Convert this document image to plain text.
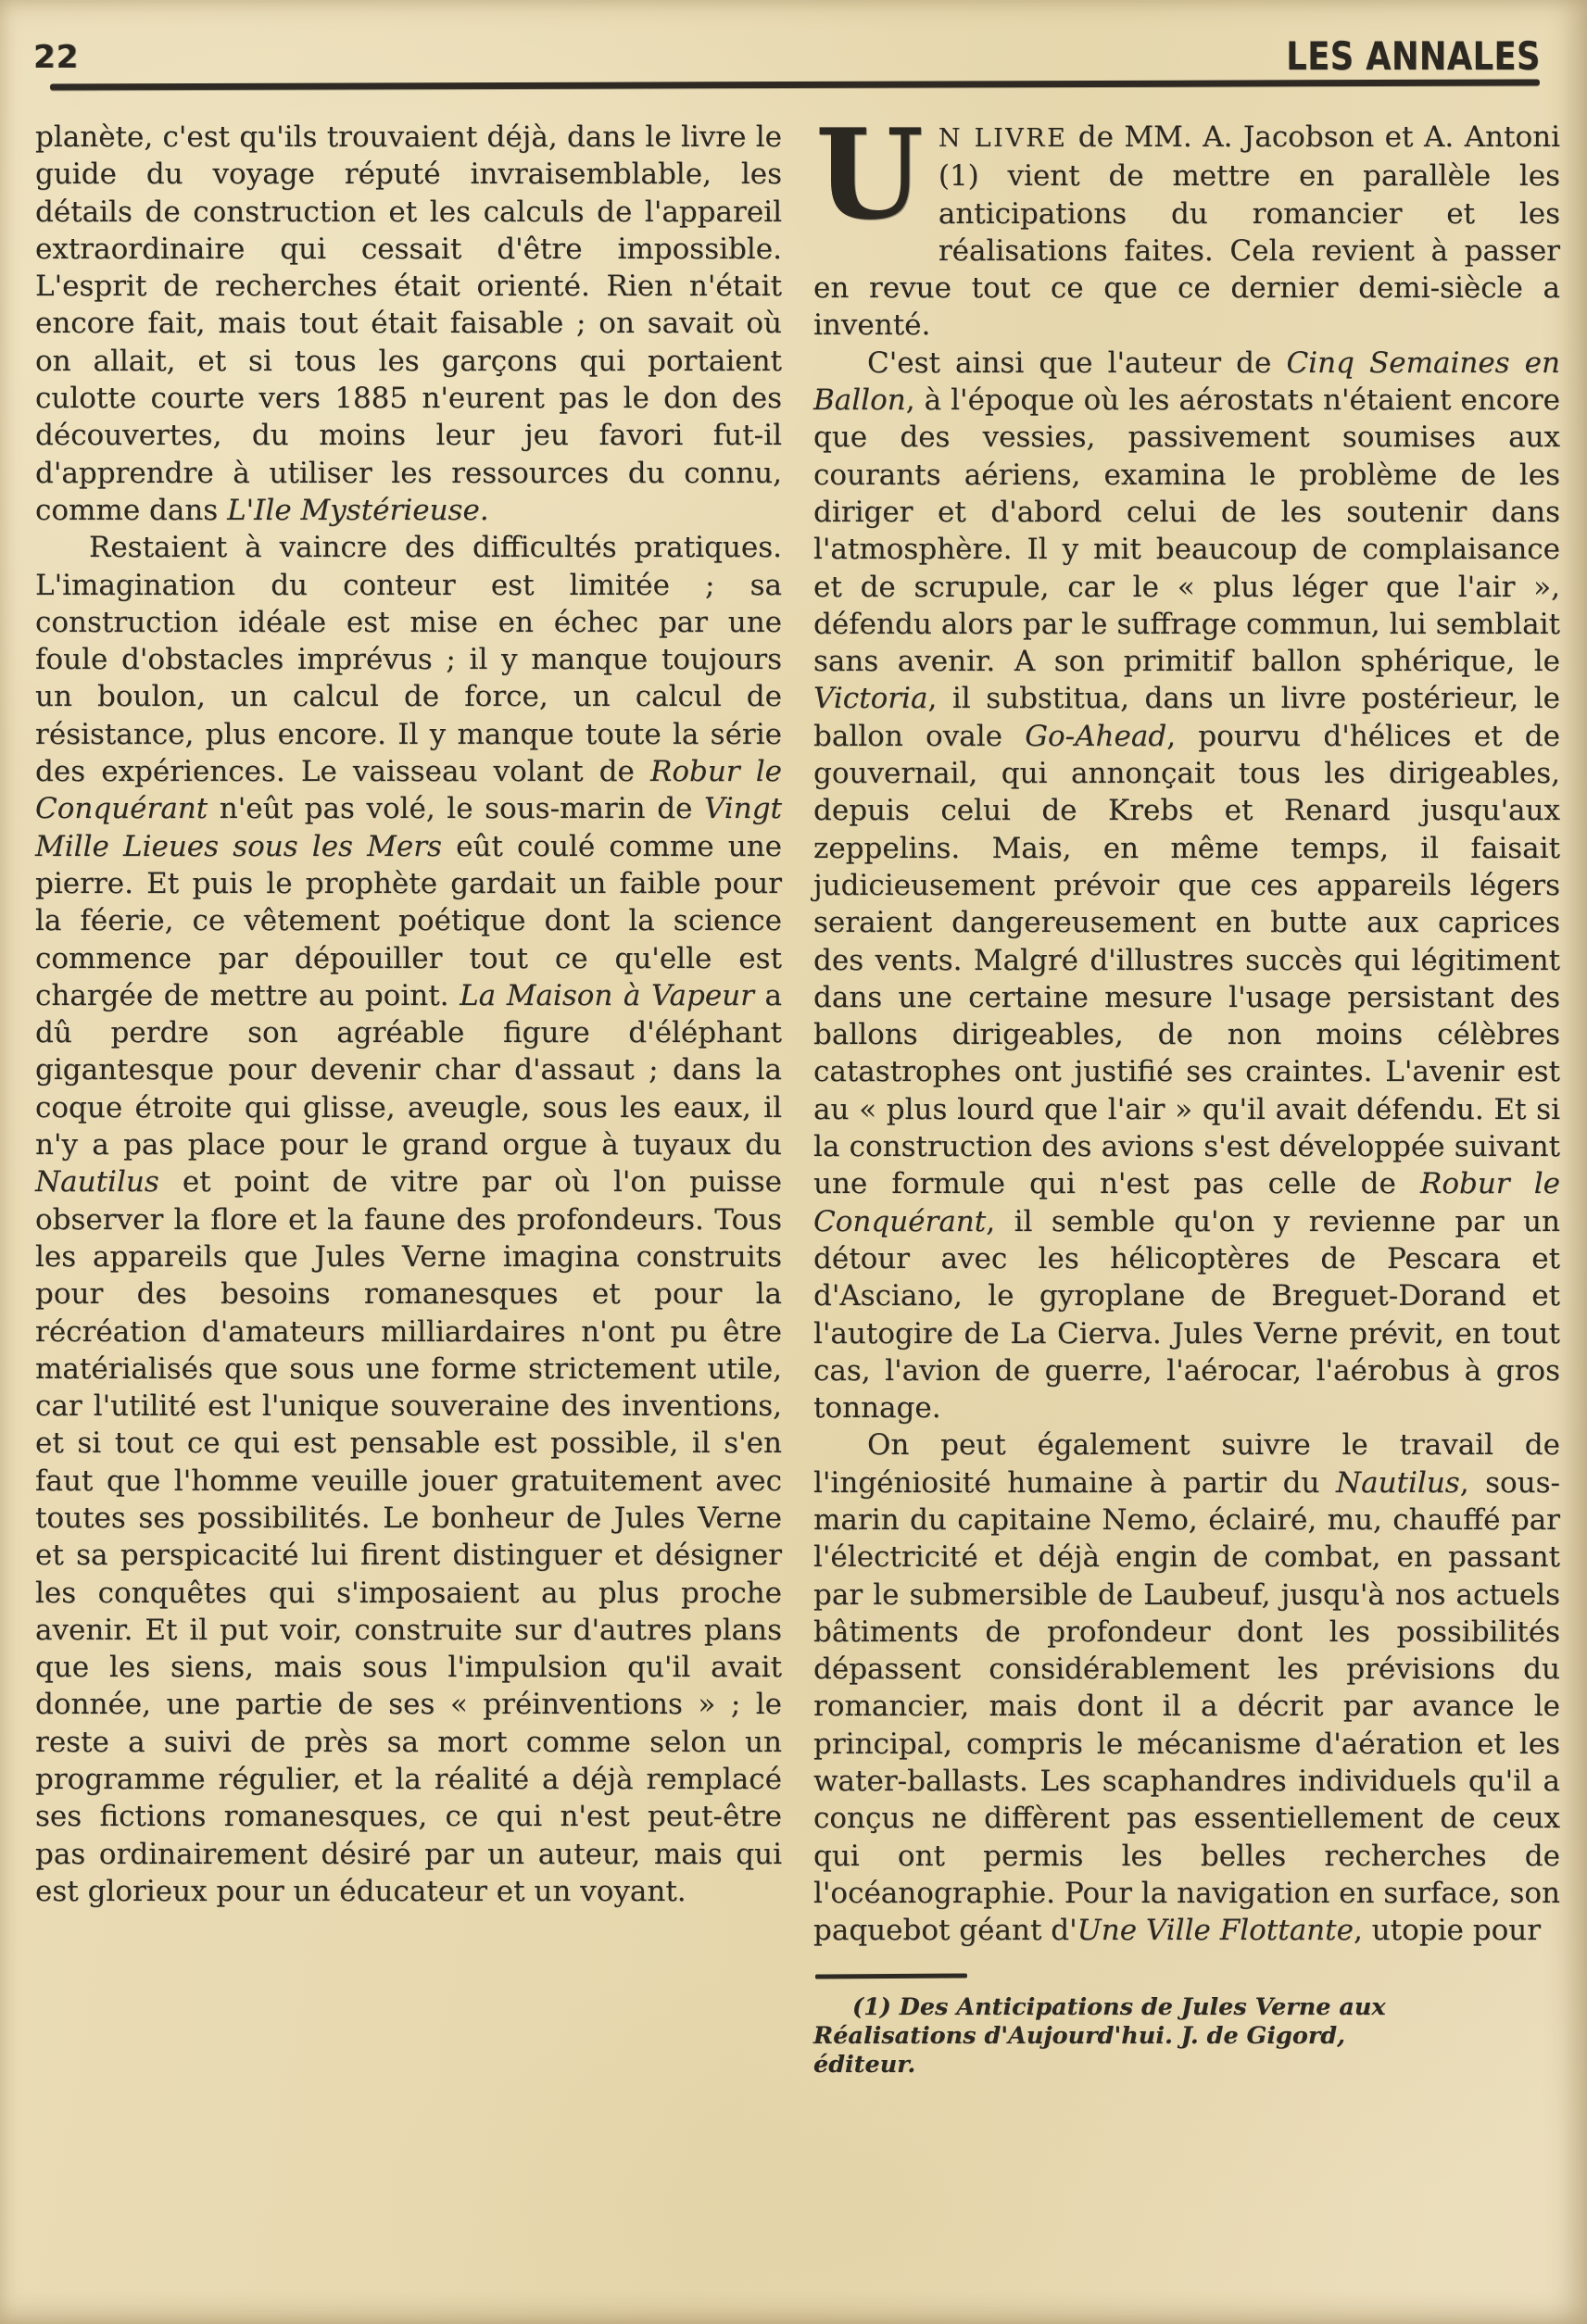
22	LES ANNALES

planète, c'est qu'ils trouvaient déjà, dans le livre le guide du voyage réputé invraisemblable, les détails de construction et les calculs de l'appareil extraordinaire qui cessait d'être impossible. L'esprit de recherches était orienté. Rien n'était encore fait, mais tout était faisable ; on savait où on allait, et si tous les garçons qui portaient culotte courte vers 1885 n'eurent pas le don des découvertes, du moins leur jeu favori fut-il d'apprendre à utiliser les ressources du connu, comme dans L'Ile Mystérieuse.

Restaient à vaincre des difficultés pratiques. L'imagination du conteur est limitée ; sa construction idéale est mise en échec par une foule d'obstacles imprévus ; il y manque toujours un boulon, un calcul de force, un calcul de résistance, plus encore. Il y manque toute la série des expériences. Le vaisseau volant de Robur le Conquérant n'eût pas volé, le sous-marin de Vingt Mille Lieues sous les Mers eût coulé comme une pierre. Et puis le prophète gardait un faible pour la féerie, ce vêtement poétique dont la science commence par dépouiller tout ce qu'elle est chargée de mettre au point. La Maison à Vapeur a dû perdre son agréable figure d'éléphant gigantesque pour devenir char d'assaut ; dans la coque étroite qui glisse, aveugle, sous les eaux, il n'y a pas place pour le grand orgue à tuyaux du Nautilus et point de vitre par où l'on puisse observer la flore et la faune des profondeurs. Tous les appareils que Jules Verne imagina construits pour des besoins romanesques et pour la récréation d'amateurs milliardaires n'ont pu être matérialisés que sous une forme strictement utile, car l'utilité est l'unique souveraine des inventions, et si tout ce qui est pensable est possible, il s'en faut que l'homme veuille jouer gratuitement avec toutes ses possibilités. Le bonheur de Jules Verne et sa perspicacité lui firent distinguer et désigner les conquêtes qui s'imposaient au plus proche avenir. Et il put voir, construite sur d'autres plans que les siens, mais sous l'impulsion qu'il avait donnée, une partie de ses « préinventions » ; le reste a suivi de près sa mort comme selon un programme régulier, et la réalité a déjà remplacé ses fictions romanesques, ce qui n'est peut-être pas ordinairement désiré par un auteur, mais qui est glorieux pour un éducateur et un voyant.

U N LIVRE de MM. A. Jacobson et A. Antoni (1) vient de mettre en parallèle les anticipations du romancier et les réalisations faites. Cela revient à passer en revue tout ce que ce dernier demi-siècle a inventé.

C'est ainsi que l'auteur de Cinq Semaines en Ballon, à l'époque où les aérostats n'étaient encore que des vessies, passivement soumises aux courants aériens, examina le problème de les diriger et d'abord celui de les soutenir dans l'atmosphère. Il y mit beaucoup de complaisance et de scrupule, car le « plus léger que l'air », défendu alors par le suffrage commun, lui semblait sans avenir. A son primitif ballon sphérique, le Victoria, il substitua, dans un livre postérieur, le ballon ovale Go-Ahead, pourvu d'hélices et de gouvernail, qui annonçait tous les dirigeables, depuis celui de Krebs et Renard jusqu'aux zeppelins. Mais, en même temps, il faisait judicieusement prévoir que ces appareils légers seraient dangereusement en butte aux caprices des vents. Malgré d'illustres succès qui légitiment dans une certaine mesure l'usage persistant des ballons dirigeables, de non moins célèbres catastrophes ont justifié ses craintes. L'avenir est au « plus lourd que l'air » qu'il avait défendu. Et si la construction des avions s'est développée suivant une formule qui n'est pas celle de Robur le Conquérant, il semble qu'on y revienne par un détour avec les hélicoptères de Pescara et d'Asciano, le gyroplane de Breguet-Dorand et l'autogire de La Cierva. Jules Verne prévit, en tout cas, l'avion de guerre, l'aérocar, l'aérobus à gros tonnage.

On peut également suivre le travail de l'ingéniosité humaine à partir du Nautilus, sous-marin du capitaine Nemo, éclairé, mu, chauffé par l'électricité et déjà engin de combat, en passant par le submersible de Laubeuf, jusqu'à nos actuels bâtiments de profondeur dont les possibilités dépassent considérablement les prévisions du romancier, mais dont il a décrit par avance le principal, compris le mécanisme d'aération et les water-ballasts. Les scaphandres individuels qu'il a conçus ne diffèrent pas essentiellement de ceux qui ont permis les belles recherches de l'océanographie. Pour la navigation en surface, son paquebot géant d'Une Ville Flottante, utopie pour

(1) Des Anticipations de Jules Verne aux Réalisations d'Aujourd'hui. J. de Gigord, éditeur.
